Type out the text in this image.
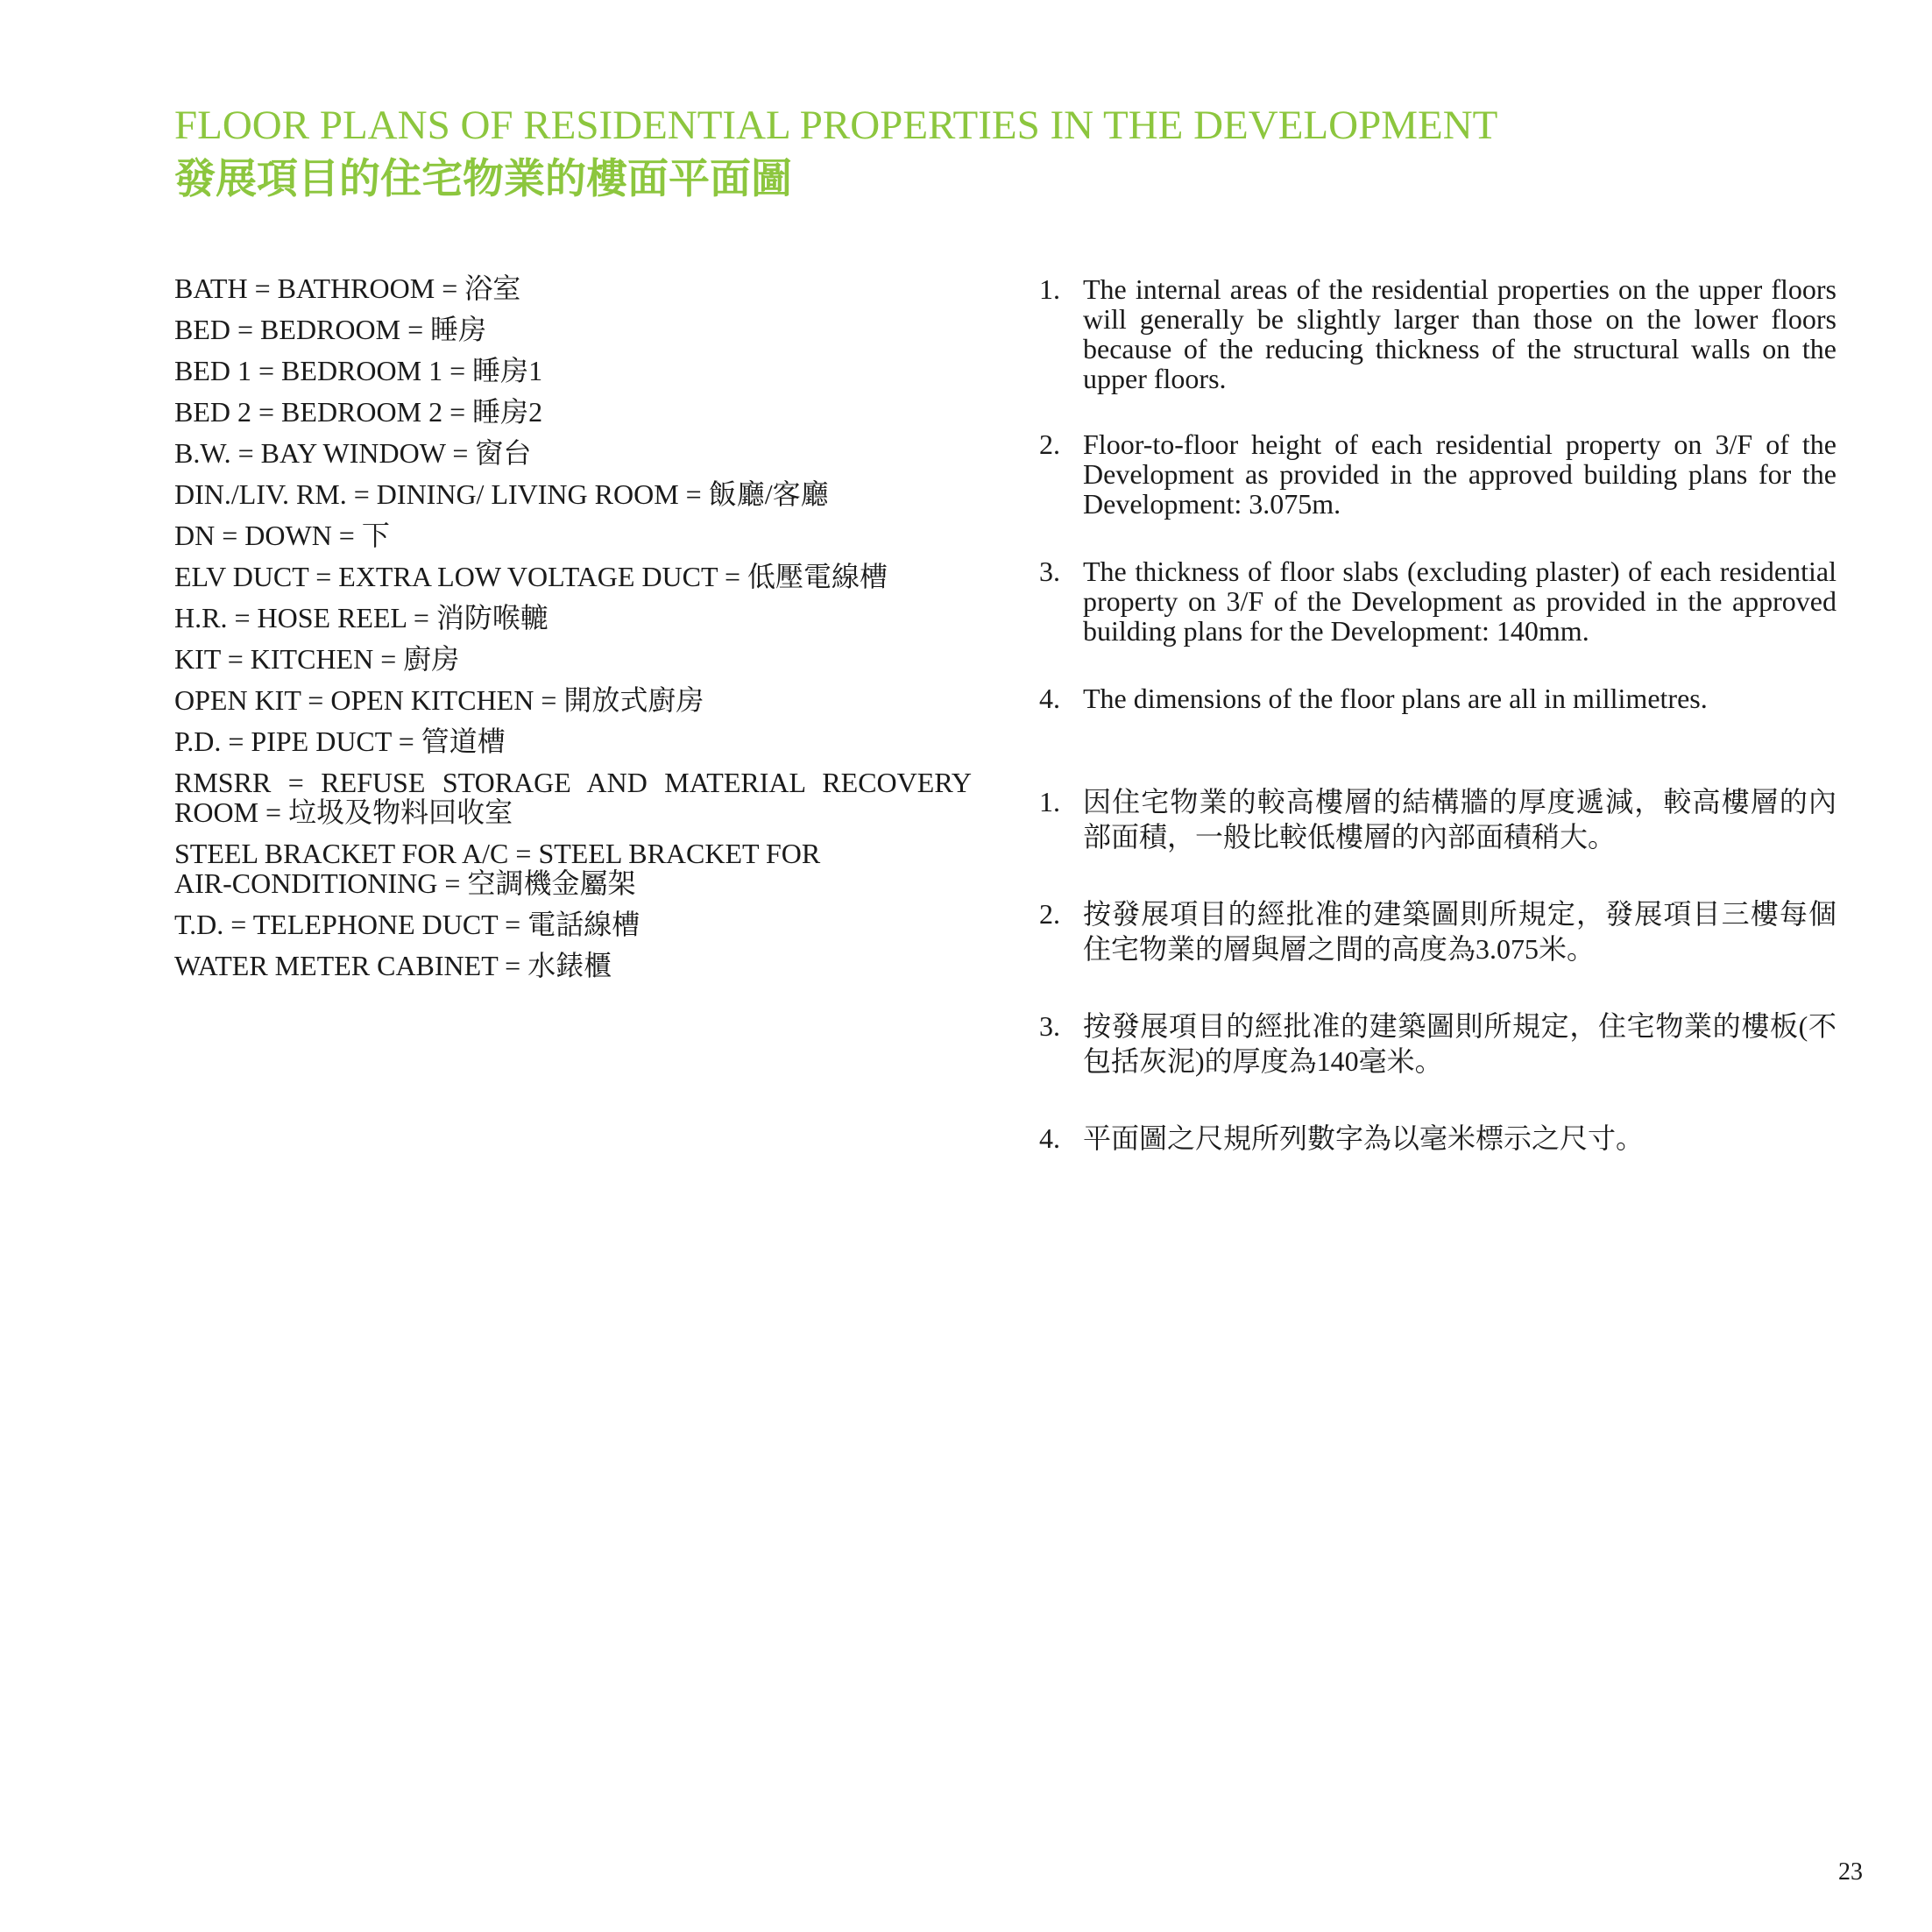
FLOOR PLANS OF RESIDENTIAL PROPERTIES IN THE DEVELOPMENT
發展項目的住宅物業的樓面平面圖
BATH = BATHROOM = 浴室
BED = BEDROOM = 睡房
BED 1 = BEDROOM 1 = 睡房1
BED 2 = BEDROOM 2 = 睡房2
B.W. = BAY WINDOW = 窗台
DIN./LIV. RM. = DINING/ LIVING ROOM = 飯廳/客廳
DN = DOWN = 下
ELV DUCT = EXTRA LOW VOLTAGE DUCT = 低壓電線槽
H.R. = HOSE REEL = 消防喉轆
KIT = KITCHEN = 廚房
OPEN KIT = OPEN KITCHEN = 開放式廚房
P.D. = PIPE DUCT = 管道槽
RMSRR = REFUSE STORAGE AND MATERIAL RECOVERY ROOM = 垃圾及物料回收室
STEEL BRACKET FOR A/C = STEEL BRACKET FOR AIR-CONDITIONING = 空調機金屬架
T.D. = TELEPHONE DUCT = 電話線槽
WATER METER CABINET = 水錶櫃
1. The internal areas of the residential properties on the upper floors will generally be slightly larger than those on the lower floors because of the reducing thickness of the structural walls on the upper floors.
2. Floor-to-floor height of each residential property on 3/F of the Development as provided in the approved building plans for the Development: 3.075m.
3. The thickness of floor slabs (excluding plaster) of each residential property on 3/F of the Development as provided in the approved building plans for the Development: 140mm.
4. The dimensions of the floor plans are all in millimetres.
1. 因住宅物業的較高樓層的結構牆的厚度遞減，較高樓層的內部面積，一般比較低樓層的內部面積稍大。
2. 按發展項目的經批准的建築圖則所規定，發展項目三樓每個住宅物業的層與層之間的高度為3.075米。
3. 按發展項目的經批准的建築圖則所規定，住宅物業的樓板(不包括灰泥)的厚度為140毫米。
4. 平面圖之尺規所列數字為以毫米標示之尺寸。
23
